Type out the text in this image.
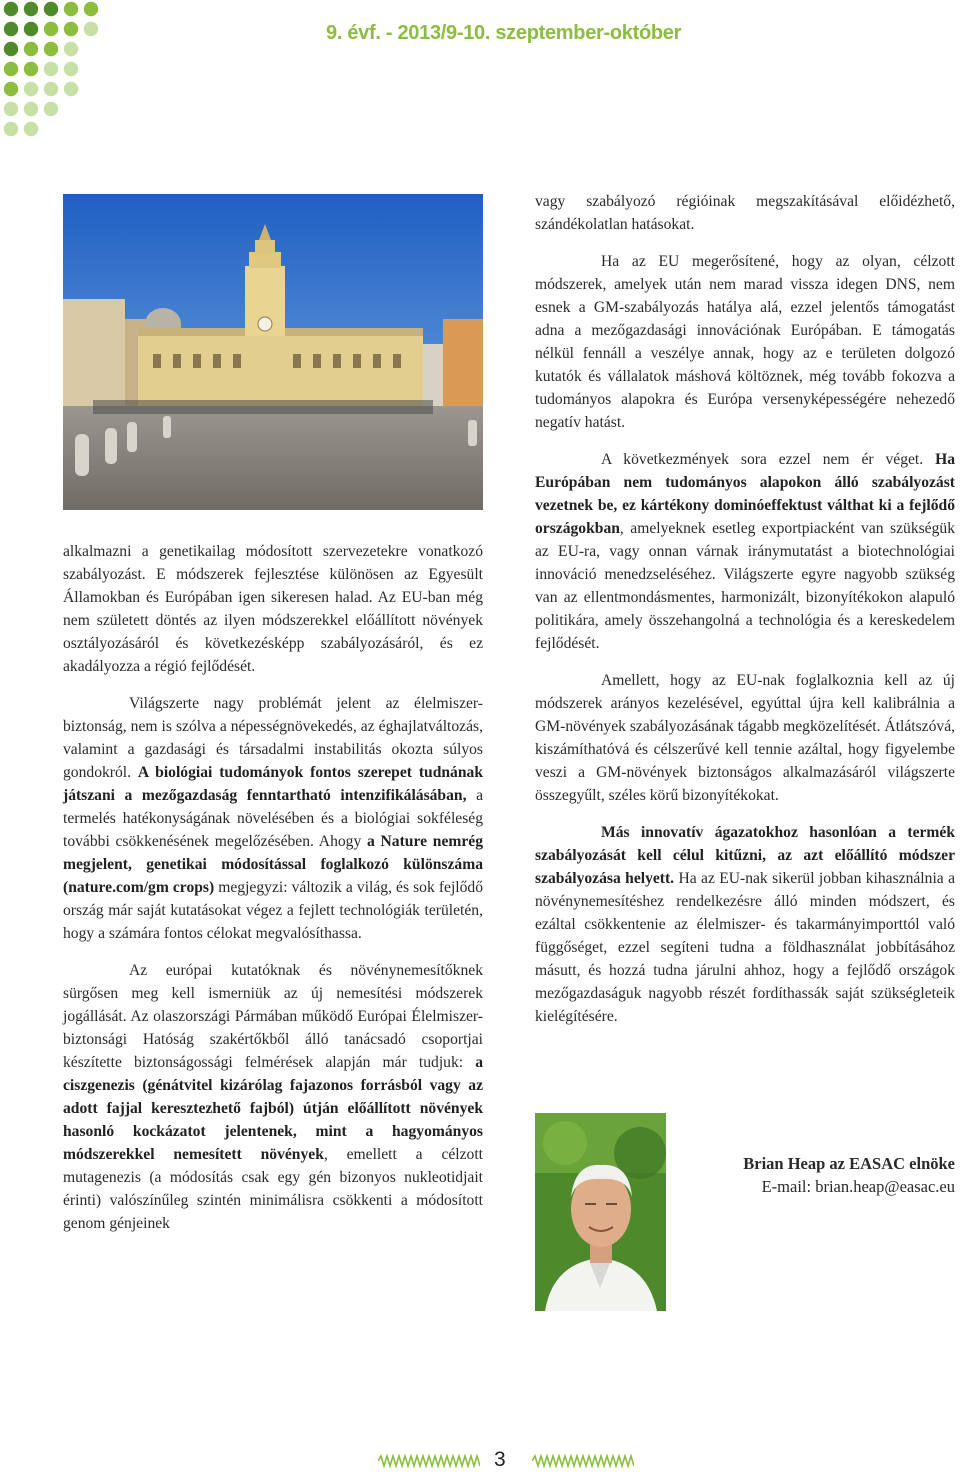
9. évf. - 2013/9-10. szeptember-október

alkalmazni a genetikailag módosított szervezetekre vonatkozó szabályozást. E módszerek fejlesztése különösen az Egyesült Államokban és Európában igen sikeresen halad. Az EU-ban még nem született döntés az ilyen módszerekkel előállított növények osztályozásáról és következésképp szabályozásáról, és ez akadályozza a régió fejlődését.

Világszerte nagy problémát jelent az élelmiszer-biztonság, nem is szólva a népességnövekedés, az éghajlatváltozás, valamint a gazdasági és társadalmi instabilitás okozta súlyos gondokról. A biológiai tudományok fontos szerepet tudnának játszani a mezőgazdaság fenntartható intenzifikálásában, a termelés hatékonyságának növelésében és a biológiai sokféleség további csökkenésének megelőzésében. Ahogy a Nature nemrég megjelent, genetikai módosítással foglalkozó különszáma (nature.com/gm crops) megjegyzi: változik a világ, és sok fejlődő ország már saját kutatásokat végez a fejlett technológiák területén, hogy a számára fontos célokat megvalósíthassa.

Az európai kutatóknak és növénynemesítőknek sürgősen meg kell ismerniük az új nemesítési módszerek jogállását. Az olaszországi Pármában működő Európai Élelmiszer-biztonsági Hatóság szakértőkből álló tanácsadó csoportjai készítette biztonságossági felmérések alapján már tudjuk: a ciszgenezis (génátvitel kizárólag fajazonos forrásból vagy az adott fajjal keresztezhető fajból) útján előállított növények hasonló kockázatot jelentenek, mint a hagyományos módszerekkel nemesített növények, emellett a célzott mutagenezis (a módosítás csak egy gén bizonyos nukleotidjait érinti) valószínűleg szintén minimálisra csökkenti a módosított genom génjeinek

vagy szabályozó régióinak megszakításával előidézhető, szándékolatlan hatásokat.

Ha az EU megerősítené, hogy az olyan, célzott módszerek, amelyek után nem marad vissza idegen DNS, nem esnek a GM-szabályozás hatálya alá, ezzel jelentős támogatást adna a mezőgazdasági innovációnak Európában. E támogatás nélkül fennáll a veszélye annak, hogy az e területen dolgozó kutatók és vállalatok máshová költöznek, még tovább fokozva a tudományos alapokra és Európa versenyképességére nehezedő negatív hatást.

A következmények sora ezzel nem ér véget. Ha Európában nem tudományos alapokon álló szabályozást vezetnek be, ez kártékony dominóeffektust válthat ki a fejlődő országokban, amelyeknek esetleg exportpiacként van szükségük az EU-ra, vagy onnan várnak iránymutatást a biotechnológiai innováció menedzseléséhez. Világszerte egyre nagyobb szükség van az ellentmondásmentes, harmonizált, bizonyítékokon alapuló politikára, amely összehangolná a technológia és a kereskedelem fejlődését.

Amellett, hogy az EU-nak foglalkoznia kell az új módszerek arányos kezelésével, egyúttal újra kell kalibrálnia a GM-növények szabályozásának tágabb megközelítését. Átlátszóvá, kiszámíthatóvá és célszerűvé kell tennie azáltal, hogy figyelembe veszi a GM-növények biztonságos alkalmazásáról világszerte összegyűlt, széles körű bizonyítékokat.

Más innovatív ágazatokhoz hasonlóan a termék szabályozását kell célul kitűzni, az azt előállító módszer szabályozása helyett. Ha az EU-nak sikerül jobban kihasználnia a növénynemesítéshez rendelkezésre álló minden módszert, és ezáltal csökkentenie az élelmiszer- és takarmányimporttól való függőséget, ezzel segíteni tudna a földhasználat jobbításához másutt, és hozzá tudna járulni ahhoz, hogy a fejlődő országok mezőgazdaságuk nagyobb részét fordíthassák saját szükségleteik kielégítésére.

Brian Heap az EASAC elnöke
E-mail: brian.heap@easac.eu
3
